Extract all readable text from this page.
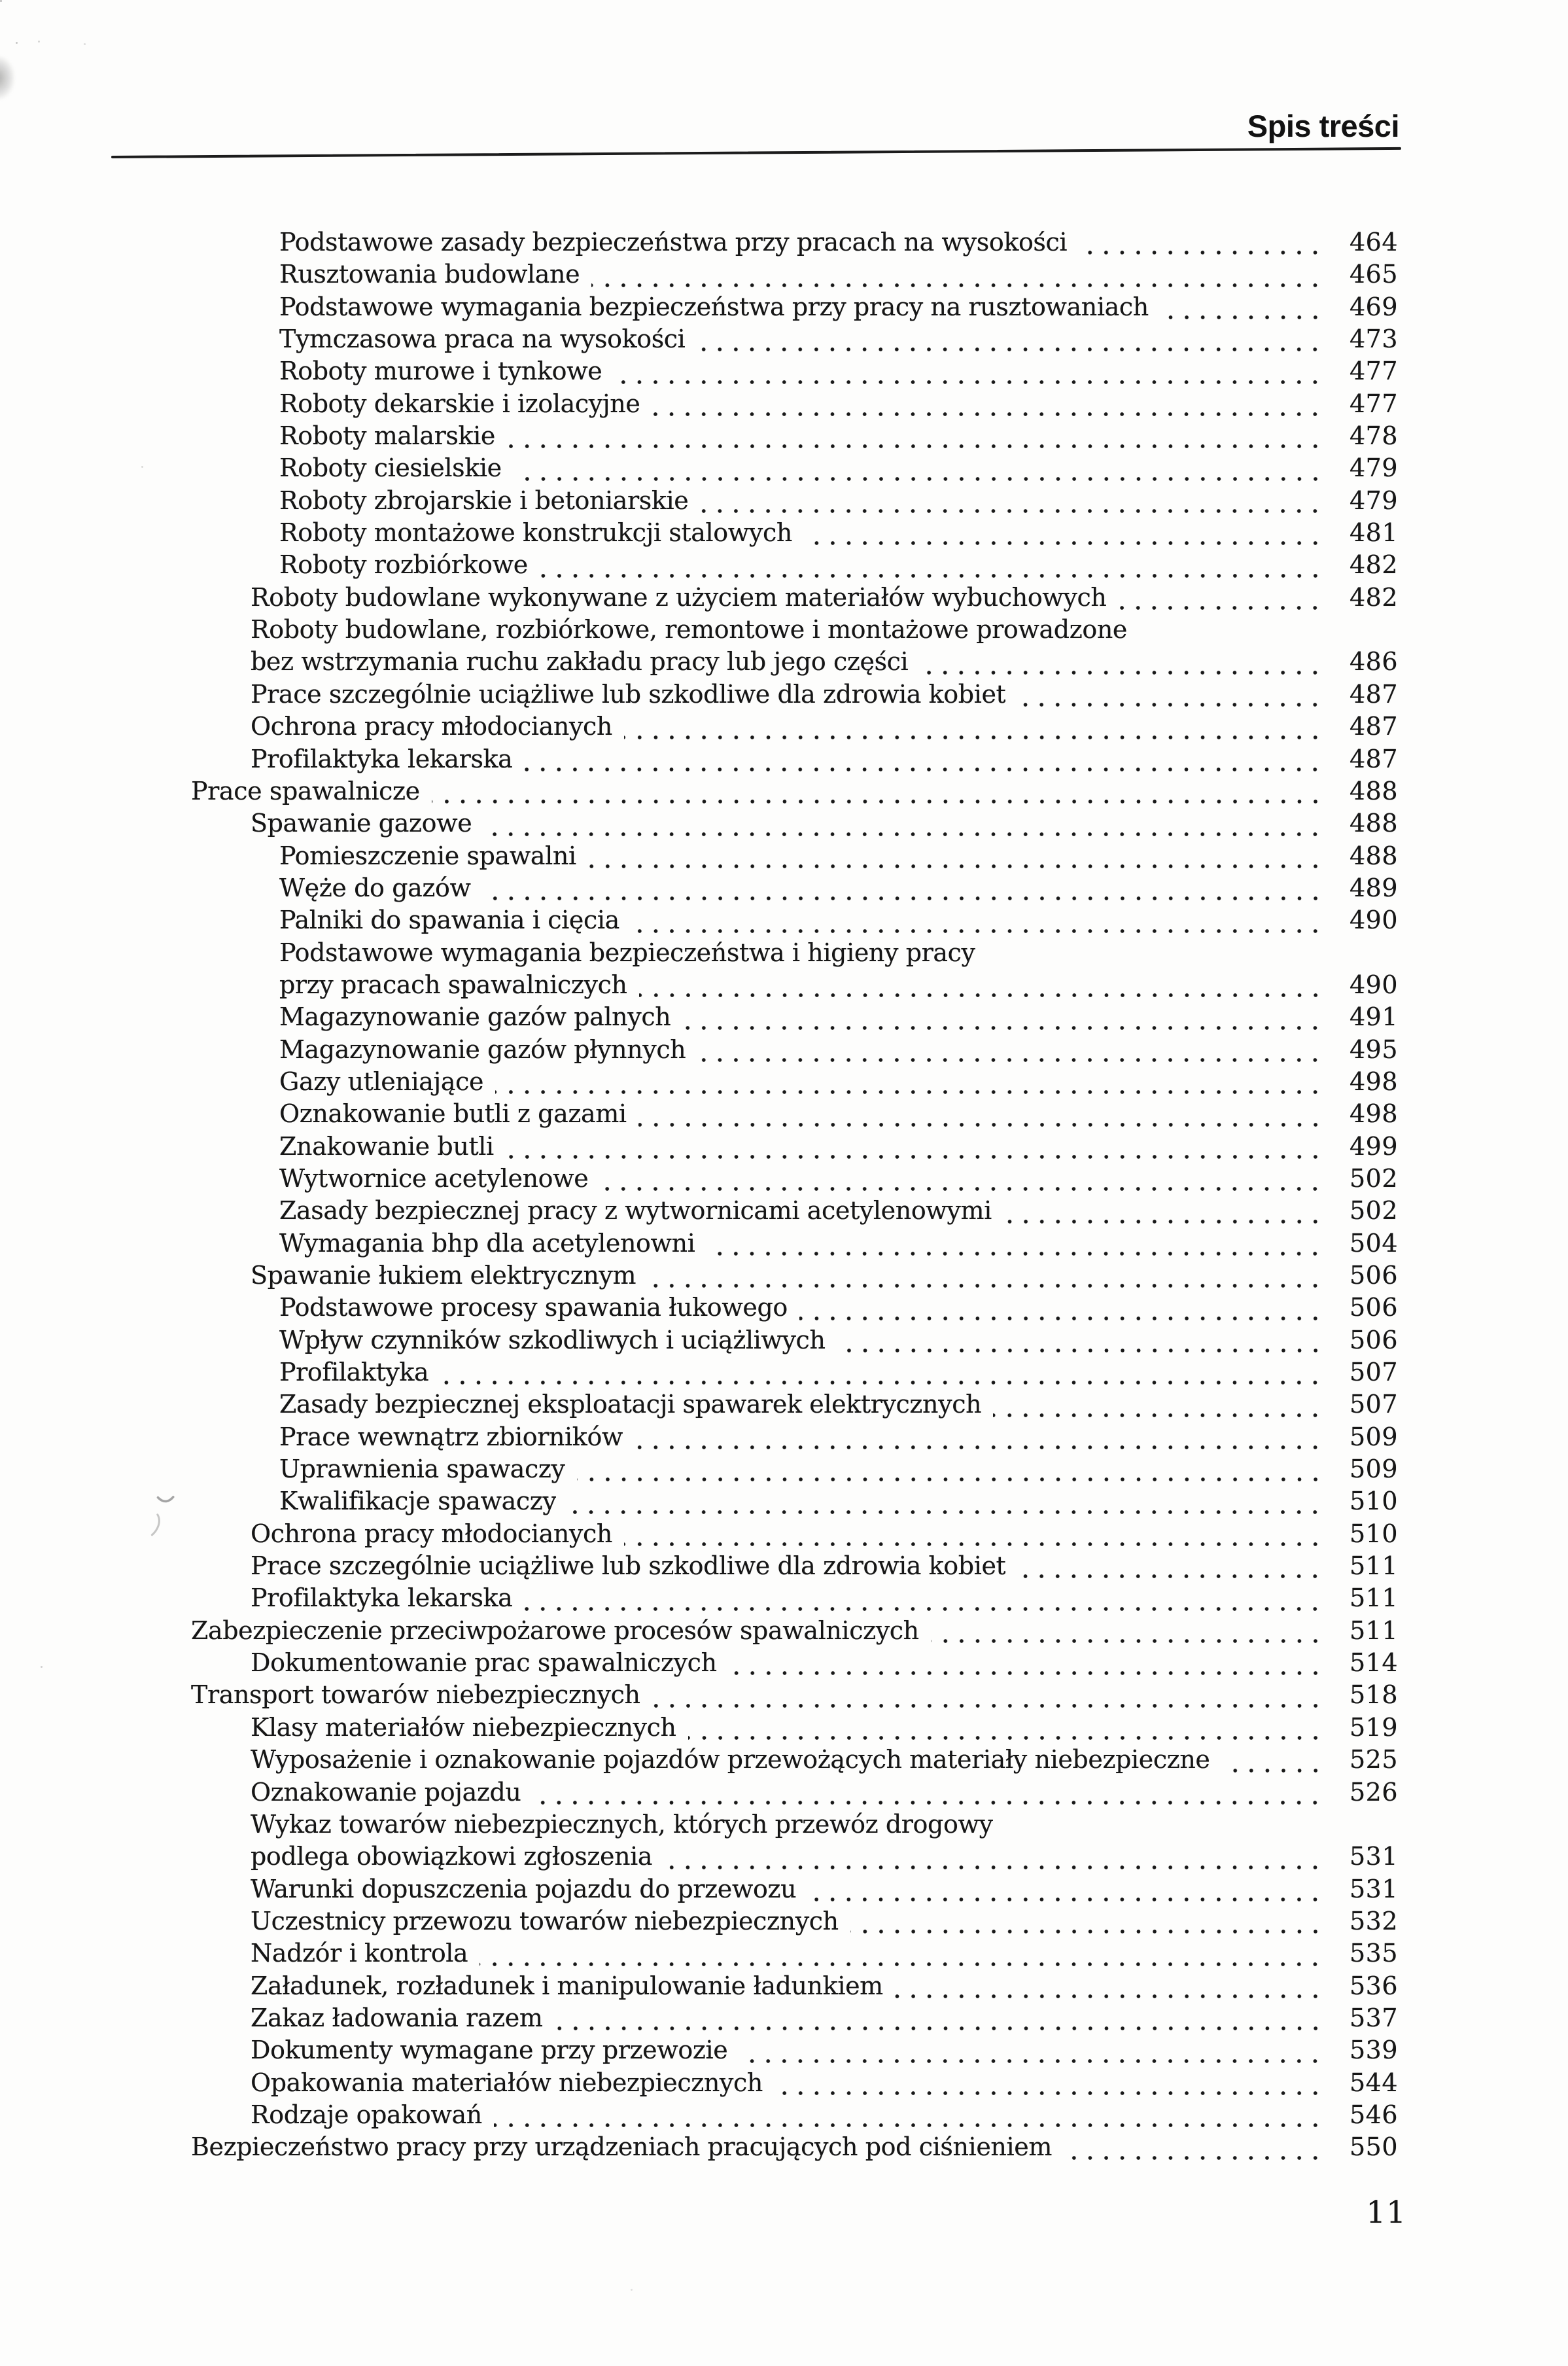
Spis treści
Podstawowe zasady bezpieczeństwa przy pracach na wysokości	464
Rusztowania budowlane	465
Podstawowe wymagania bezpieczeństwa przy pracy na rusztowaniach	469
Tymczasowa praca na wysokości	473
Roboty murowe i tynkowe	477
Roboty dekarskie i izolacyjne	477
Roboty malarskie	478
Roboty ciesielskie	479
Roboty zbrojarskie i betoniarskie	479
Roboty montażowe konstrukcji stalowych	481
Roboty rozbiórkowe	482
Roboty budowlane wykonywane z użyciem materiałów wybuchowych	482
Roboty budowlane, rozbiórkowe, remontowe i montażowe prowadzone
bez wstrzymania ruchu zakładu pracy lub jego części	486
Prace szczególnie uciążliwe lub szkodliwe dla zdrowia kobiet	487
Ochrona pracy młodocianych	487
Profilaktyka lekarska	487
Prace spawalnicze	488
Spawanie gazowe	488
Pomieszczenie spawalni	488
Węże do gazów	489
Palniki do spawania i cięcia	490
Podstawowe wymagania bezpieczeństwa i higieny pracy
przy pracach spawalniczych	490
Magazynowanie gazów palnych	491
Magazynowanie gazów płynnych	495
Gazy utleniające	498
Oznakowanie butli z gazami	498
Znakowanie butli	499
Wytwornice acetylenowe	502
Zasady bezpiecznej pracy z wytwornicami acetylenowymi	502
Wymagania bhp dla acetylenowni	504
Spawanie łukiem elektrycznym	506
Podstawowe procesy spawania łukowego	506
Wpływ czynników szkodliwych i uciążliwych	506
Profilaktyka	507
Zasady bezpiecznej eksploatacji spawarek elektrycznych	507
Prace wewnątrz zbiorników	509
Uprawnienia spawaczy	509
Kwalifikacje spawaczy	510
Ochrona pracy młodocianych	510
Prace szczególnie uciążliwe lub szkodliwe dla zdrowia kobiet	511
Profilaktyka lekarska	511
Zabezpieczenie przeciwpożarowe procesów spawalniczych	511
Dokumentowanie prac spawalniczych	514
Transport towarów niebezpiecznych	518
Klasy materiałów niebezpiecznych	519
Wyposażenie i oznakowanie pojazdów przewożących materiały niebezpieczne	525
Oznakowanie pojazdu	526
Wykaz towarów niebezpiecznych, których przewóz drogowy
podlega obowiązkowi zgłoszenia	531
Warunki dopuszczenia pojazdu do przewozu	531
Uczestnicy przewozu towarów niebezpiecznych	532
Nadzór i kontrola	535
Załadunek, rozładunek i manipulowanie ładunkiem	536
Zakaz ładowania razem	537
Dokumenty wymagane przy przewozie	539
Opakowania materiałów niebezpiecznych	544
Rodzaje opakowań	546
Bezpieczeństwo pracy przy urządzeniach pracujących pod ciśnieniem	550
11
